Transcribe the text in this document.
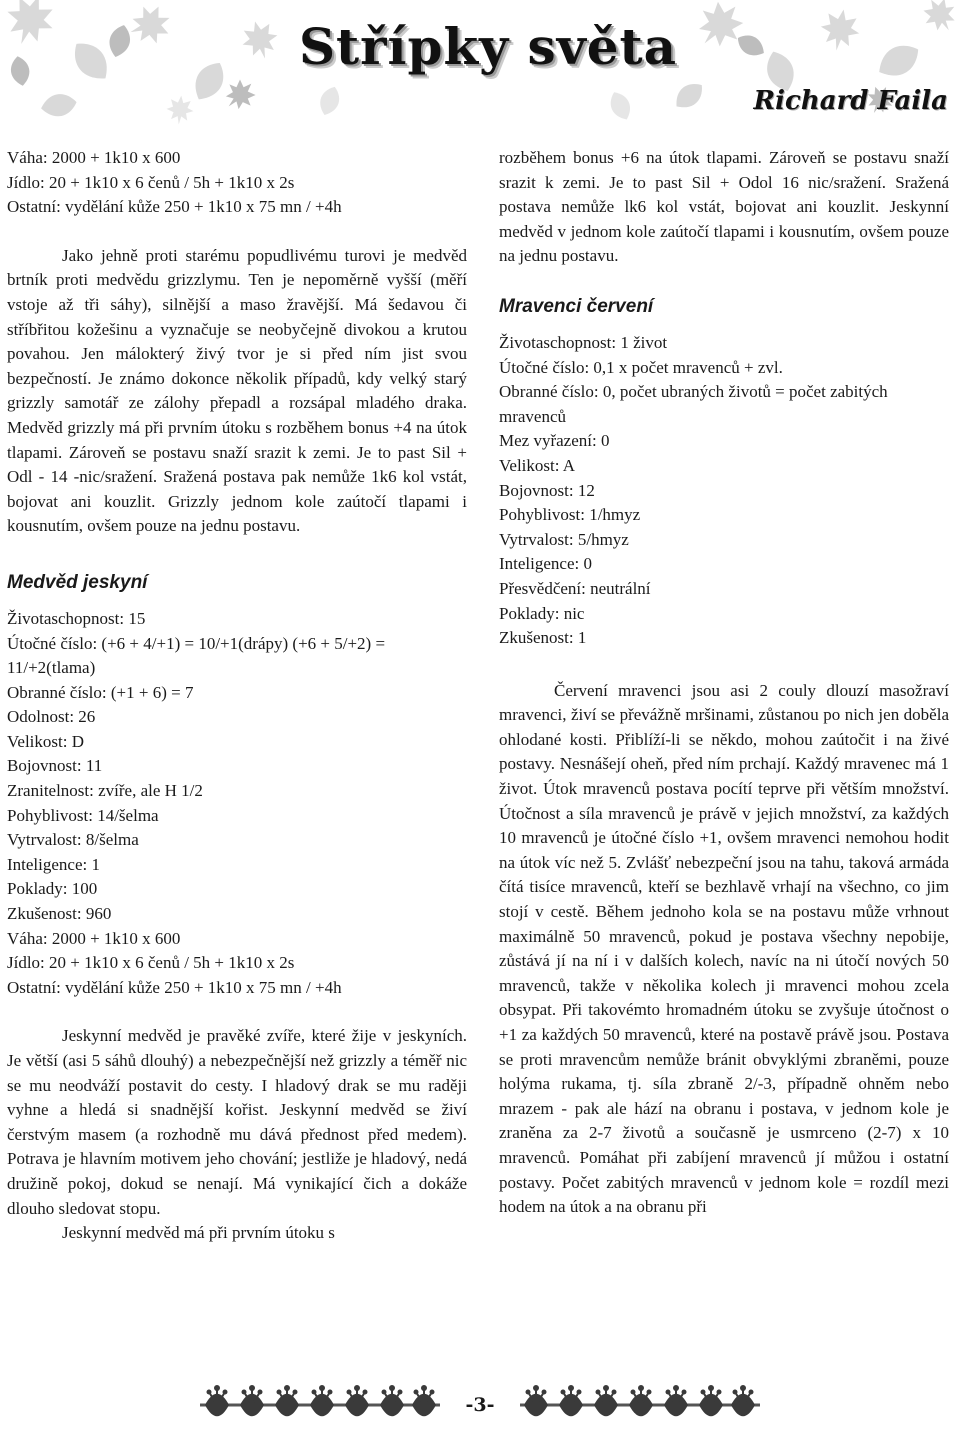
Střípky světa
Richard Faila

Váha: 2000 + 1k10 x 600

Jídlo: 20 + 1k10 x 6 čenů / 5h + 1k10 x 2s

Ostatní: vydělání kůže 250 + 1k10 x 75 mn / +4h

Jako jehně proti starému popudlivému turovi je medvěd brtník proti medvědu grizzlymu. Ten je nepoměrně vyšší (měří vstoje až tři sáhy), silnější a maso žravější. Má šedavou či stříbřitou kožešinu a vyznačuje se neobyčejně divokou a krutou povahou. Jen málokterý živý tvor je si před ním jist svou bezpečností. Je známo dokonce několik případů, kdy velký starý grizzly samotář ze zálohy přepadl a rozsápal mladého draka. Medvěd grizzly má při prvním útoku s rozběhem bonus +4 na útok tlapami. Zároveň se postavu snaží srazit k zemi. Je to past Sil + Odl - 14 -nic/sražení. Sražená postava pak nemůže 1k6 kol vstát, bojovat ani kouzlit. Grizzly jednom kole zaútočí tlapami i kousnutím, ovšem pouze na jednu postavu.

Medvěd jeskyní

Životaschopnost: 15

Útočné číslo: (+6 + 4/+1) = 10/+1(drápy) (+6 + 5/+2) = 11/+2(tlama)

Obranné číslo: (+1 + 6) = 7

Odolnost: 26

Velikost: D

Bojovnost: 11

Zranitelnost: zvíře, ale H 1/2

Pohyblivost: 14/šelma

Vytrvalost: 8/šelma

Inteligence: 1

Poklady: 100

Zkušenost: 960

Váha: 2000 + 1k10 x 600

Jídlo: 20 + 1k10 x 6 čenů / 5h + 1k10 x 2s

Ostatní: vydělání kůže 250 + 1k10 x 75 mn / +4h

Jeskynní medvěd je pravěké zvíře, které žije v jeskyních. Je větší (asi 5 sáhů dlouhý) a nebezpečnější než grizzly a téměř nic se mu neodváží postavit do cesty. I hladový drak se mu raději vyhne a hledá si snadnější kořist. Jeskynní medvěd se živí čerstvým masem (a rozhodně mu dává přednost před medem). Potrava je hlavním motivem jeho chování; jestliže je hladový, nedá družině pokoj, dokud se nenají. Má vynikající čich a dokáže dlouho sledovat stopu.

Jeskynní medvěd má při prvním útoku s

rozběhem bonus +6 na útok tlapami. Zároveň se postavu snaží srazit k zemi. Je to past Sil + Odol 16 nic/sražení. Sražená postava nemůže lk6 kol vstát, bojovat ani kouzlit. Jeskynní medvěd v jednom kole zaútočí tlapami i kousnutím, ovšem pouze na jednu postavu.

Mravenci červení

Životaschopnost: 1 život

Útočné číslo: 0,1 x počet mravenců + zvl.

Obranné číslo: 0, počet ubraných životů = počet zabitých mravenců

Mez vyřazení: 0

Velikost: A

Bojovnost: 12

Pohyblivost: 1/hmyz

Vytrvalost: 5/hmyz

Inteligence: 0

Přesvědčení: neutrální

Poklady: nic

Zkušenost: 1

Červení mravenci jsou asi 2 couly dlouzí masožraví mravenci, živí se převážně mršinami, zůstanou po nich jen doběla ohlodané kosti. Přiblíží-li se někdo, mohou zaútočit i na živé postavy. Nesnášejí oheň, před ním prchají. Každý mravenec má 1 život. Útok mravenců postava pocítí teprve při větším množství. Útočnost a síla mravenců je právě v jejich množství, za každých 10 mravenců je útočné číslo +1, ovšem mravenci nemohou hodit na útok víc než 5. Zvlášť nebezpeční jsou na tahu, taková armáda čítá tisíce mravenců, kteří se bezhlavě vrhají na všechno, co jim stojí v cestě. Během jednoho kola se na postavu může vrhnout maximálně 50 mravenců, pokud je postava všechny nepobije, zůstává jí na ní i v dalších kolech, navíc na ni útočí nových 50 mravenců, takže v několika kolech ji mravenci mohou zcela obsypat. Při takovémto hromadném útoku se zvyšuje útočnost o +1 za každých 50 mravenců, které na postavě právě jsou. Postava se proti mravencům nemůže bránit obvyklými zbraněmi, pouze holýma rukama, tj. síla zbraně 2/-3, případně ohněm nebo mrazem - pak ale hází na obranu i postava, v jednom kole je zraněna za 2-7 životů a současně je usmrceno (2-7) x 10 mravenců. Pomáhat při zabíjení mravenců jí můžou i ostatní postavy. Počet zabitých mravenců v jednom kole = rozdíl mezi hodem na útok a na obranu při

-3-
